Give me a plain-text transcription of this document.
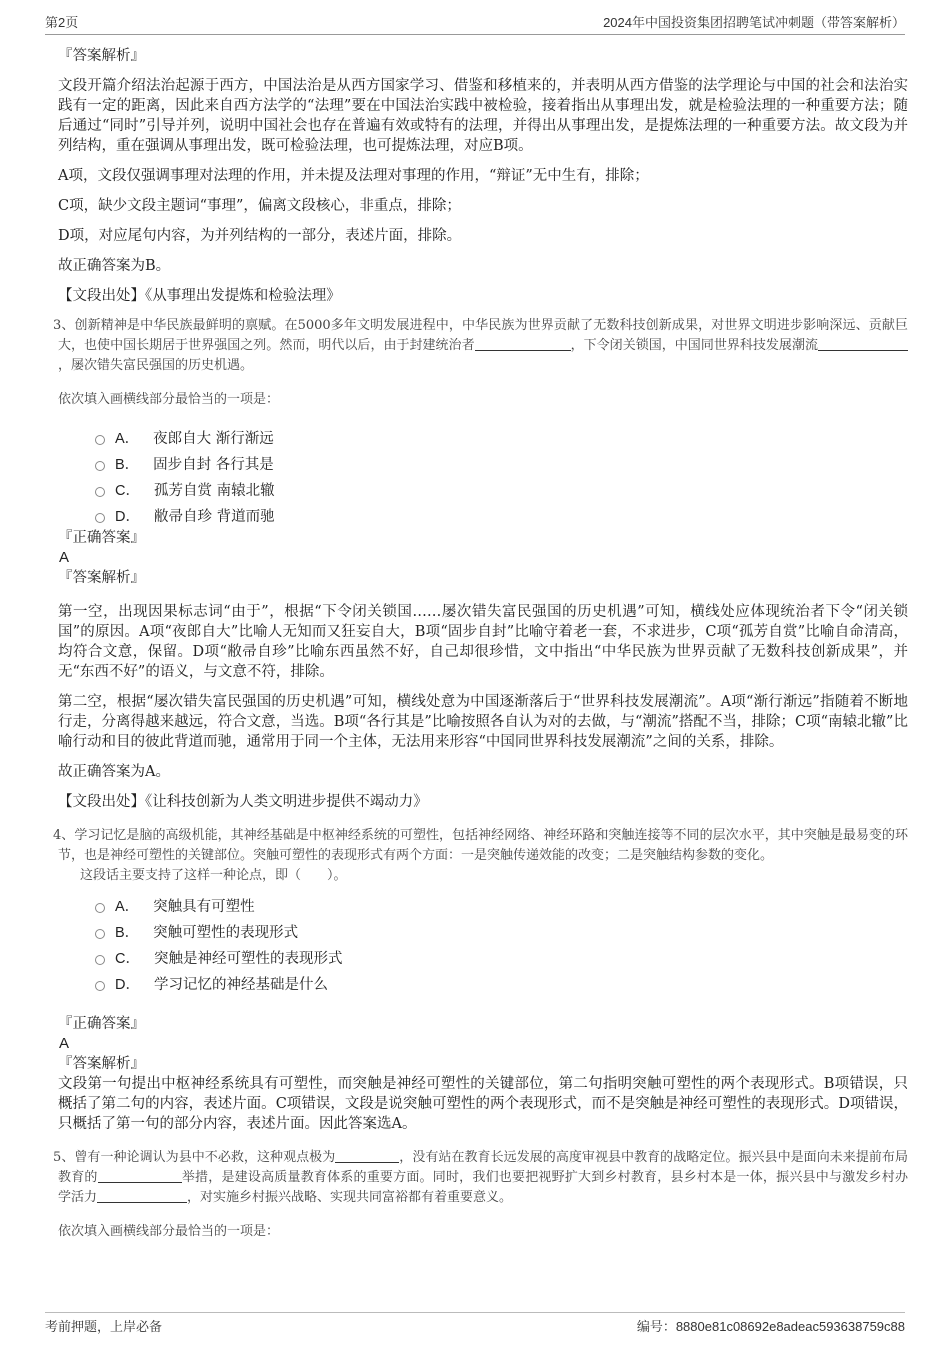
第2页	2024年中国投资集团招聘笔试冲刺题（带答案解析）

『答案解析』

文段开篇介绍法治起源于西方，中国法治是从西方国家学习、借鉴和移植来的，并表明从西方借鉴的法学理论与中国的社会和法治实践有一定的距离，因此来自西方法学的“法理”要在中国法治实践中被检验，接着指出从事理出发，就是检验法理的一种重要方法；随后通过“同时”引导并列，说明中国社会也存在普遍有效或特有的法理，并得出从事理出发，是提炼法理的一种重要方法。故文段为并列结构，重在强调从事理出发，既可检验法理，也可提炼法理，对应B项。

A项，文段仅强调事理对法理的作用，并未提及法理对事理的作用，“辩证”无中生有，排除；

C项，缺少文段主题词“事理”，偏离文段核心，非重点，排除；

D项，对应尾句内容，为并列结构的一部分，表述片面，排除。

故正确答案为B。

【文段出处】《从事理出发提炼和检验法理》

3、创新精神是中华民族最鲜明的禀赋。在5000多年文明发展进程中，中华民族为世界贡献了无数科技创新成果，对世界文明进步影响深远、贡献巨大，也使中国长期居于世界强国之列。然而，明代以后，由于封建统治者	，下令闭关锁国，中国同世界科技发展潮流，屡次错失富民强国的历史机遇。

依次填入画横线部分最恰当的一项是：

A． 夜郎自大 渐行渐远
B． 固步自封 各行其是
C． 孤芳自赏 南辕北辙
D． 敝帚自珍 背道而驰

『正确答案』

A

『答案解析』

第一空，出现因果标志词“由于”，根据“下令闭关锁国……屡次错失富民强国的历史机遇”可知，横线处应体现统治者下令“闭关锁国”的原因。A项“夜郎自大”比喻人无知而又狂妄自大，B项“固步自封”比喻守着老一套，不求进步，C项“孤芳自赏”比喻自命清高，均符合文意，保留。D项“敝帚自珍”比喻东西虽然不好，自己却很珍惜，文中指出“中华民族为世界贡献了无数科技创新成果”，并无“东西不好”的语义，与文意不符，排除。

第二空，根据“屡次错失富民强国的历史机遇”可知，横线处意为中国逐渐落后于“世界科技发展潮流”。A项“渐行渐远”指随着不断地行走，分离得越来越远，符合文意，当选。B项“各行其是”比喻按照各自认为对的去做，与“潮流”搭配不当，排除；C项“南辕北辙”比喻行动和目的彼此背道而驰，通常用于同一个主体，无法用来形容“中国同世界科技发展潮流”之间的关系，排除。

故正确答案为A。

【文段出处】《让科技创新为人类文明进步提供不竭动力》

4、学习记忆是脑的高级机能，其神经基础是中枢神经系统的可塑性，包括神经网络、神经环路和突触连接等不同的层次水平，其中突触是最易变的环节，也是神经可塑性的关键部位。突触可塑性的表现形式有两个方面：一是突触传递效能的改变；二是突触结构参数的变化。

这段话主要支持了这样一种论点，即（　　）。

A． 突触具有可塑性
B． 突触可塑性的表现形式
C． 突触是神经可塑性的表现形式
D． 学习记忆的神经基础是什么

『正确答案』

A

『答案解析』

文段第一句提出中枢神经系统具有可塑性，而突触是神经可塑性的关键部位，第二句指明突触可塑性的两个表现形式。B项错误，只概括了第二句的内容，表述片面。C项错误，文段是说突触可塑性的两个表现形式，而不是突触是神经可塑性的表现形式。D项错误，只概括了第一句的部分内容，表述片面。因此答案选A。

5、曾有一种论调认为县中不必救，这种观点极为	，没有站在教育长远发展的高度审视县中教育的战略定位。振兴县中是面向未来提前布局教育的	举措，是建设高质量教育体系的重要方面。同时，我们也要把视野扩大到乡村教育，县乡村本是一体，振兴县中与激发乡村办学活力	，对实施乡村振兴战略、实现共同富裕都有着重要意义。

依次填入画横线部分最恰当的一项是：

考前押题，上岸必备	编号：8880e81c08692e8adeac593638759c88
